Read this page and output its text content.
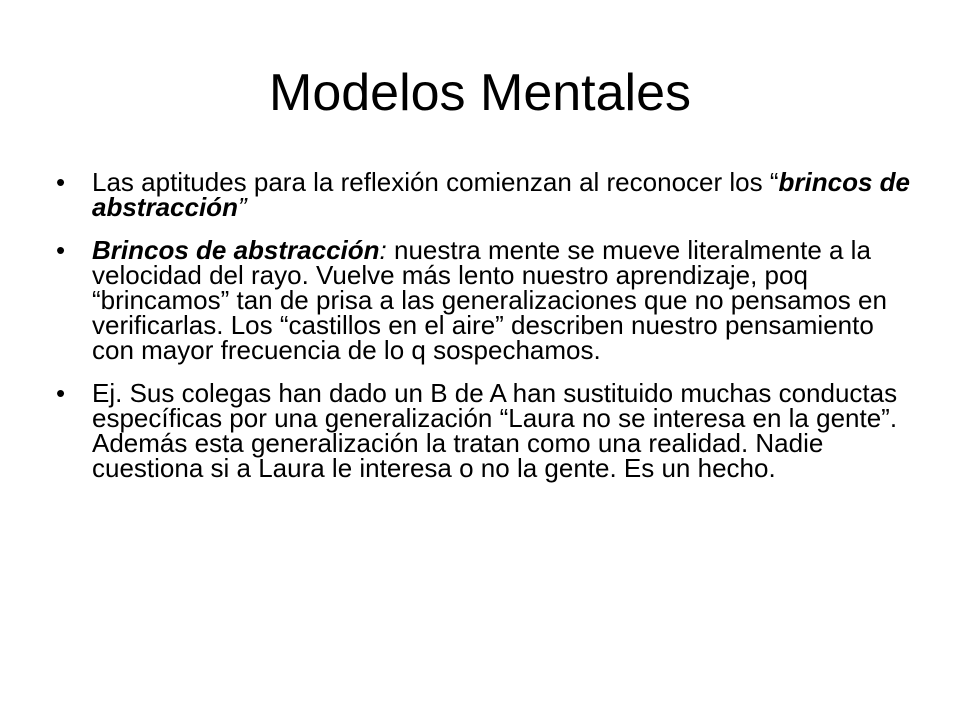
Modelos Mentales
•	Las aptitudes para la reflexión comienzan al reconocer los “brincos de abstracción”
•	Brincos de abstracción: nuestra mente se mueve literalmente a la velocidad del rayo. Vuelve más lento nuestro aprendizaje, poq “brincamos” tan de prisa a las generalizaciones que no pensamos en verificarlas. Los “castillos en el aire” describen nuestro pensamiento con mayor frecuencia de lo q sospechamos.
•	Ej. Sus colegas han dado un B de A han sustituido muchas conductas específicas por una generalización “Laura no se interesa en la gente”. Además esta generalización la tratan como una realidad. Nadie cuestiona si a Laura le interesa o no la gente. Es un hecho.
